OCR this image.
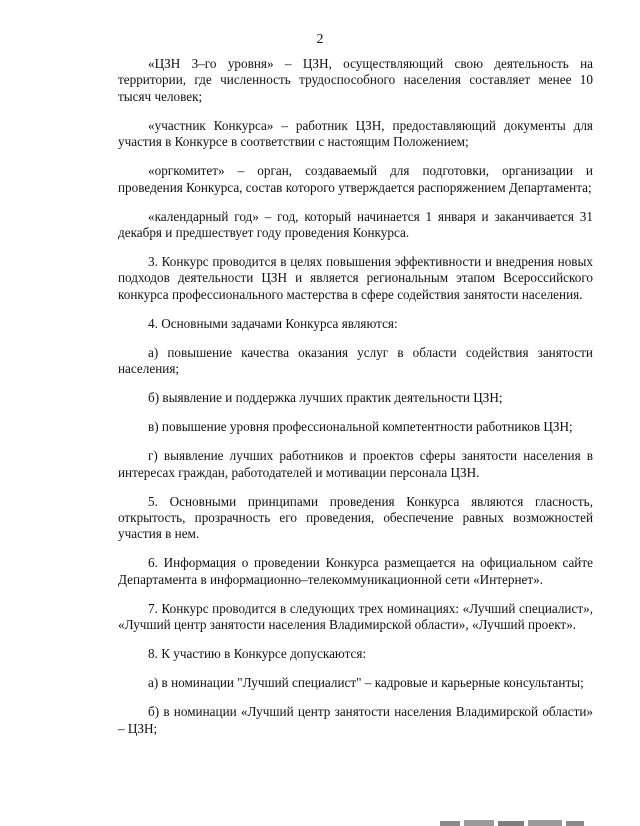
2

«ЦЗН 3–го уровня» – ЦЗН, осуществляющий свою деятельность на территории, где численность трудоспособного населения составляет менее 10 тысяч человек;

«участник Конкурса» – работник ЦЗН, предоставляющий документы для участия в Конкурсе в соответствии с настоящим Положением;

«оргкомитет» – орган, создаваемый для подготовки, организации и проведения Конкурса, состав которого утверждается распоряжением Департамента;

«календарный год» – год, который начинается 1 января и заканчивается 31 декабря и предшествует году проведения Конкурса.

3. Конкурс проводится в целях повышения эффективности и внедрения новых подходов деятельности ЦЗН и является региональным этапом Всероссийского конкурса профессионального мастерства в сфере содействия занятости населения.

4. Основными задачами Конкурса являются:

а) повышение качества оказания услуг в области содействия занятости населения;

б) выявление и поддержка лучших практик деятельности ЦЗН;

в) повышение уровня профессиональной компетентности работников ЦЗН;

г) выявление лучших работников и проектов сферы занятости населения в интересах граждан, работодателей и мотивации персонала ЦЗН.

5. Основными принципами проведения Конкурса являются гласность, открытость, прозрачность его проведения, обеспечение равных возможностей участия в нем.

6. Информация о проведении Конкурса размещается на официальном сайте Департамента в информационно–телекоммуникационной сети «Интернет».

7. Конкурс проводится в следующих трех номинациях: «Лучший специалист», «Лучший центр занятости населения Владимирской области», «Лучший проект».

8. К участию в Конкурсе допускаются:

а) в номинации "Лучший специалист" – кадровые и карьерные консультанты;

б) в номинации «Лучший центр занятости населения Владимирской области» – ЦЗН;
